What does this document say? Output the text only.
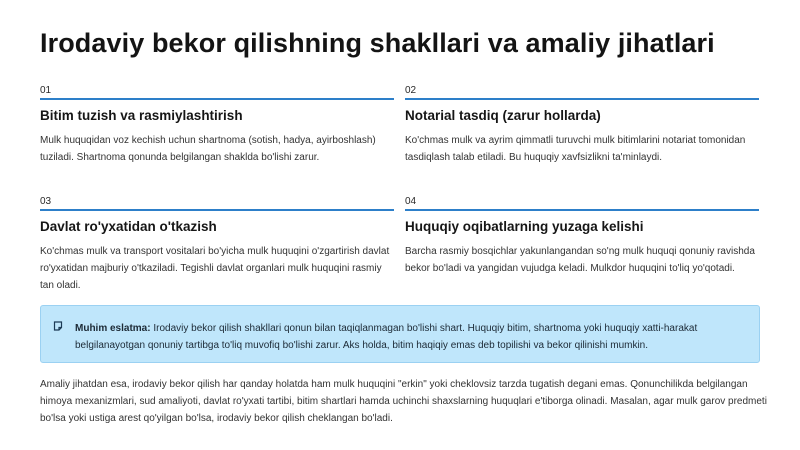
Irodaviy bekor qilishning shakllari va amaliy jihatlari
01
Bitim tuzish va rasmiylashtirish
Mulk huquqidan voz kechish uchun shartnoma (sotish, hadya, ayirboshlash) tuziladi. Shartnoma qonunda belgilangan shaklda bo'lishi zarur.
02
Notarial tasdiq (zarur hollarda)
Ko'chmas mulk va ayrim qimmatli turuvchi mulk bitimlarini notariat tomonidan tasdiqlash talab etiladi. Bu huquqiy xavfsizlikni ta'minlaydi.
03
Davlat ro'yxatidan o'tkazish
Ko'chmas mulk va transport vositalari bo'yicha mulk huquqini o'zgartirish davlat ro'yxatidan majburiy o'tkaziladi. Tegishli davlat organlari mulk huquqini rasmiy tan oladi.
04
Huquqiy oqibatlarning yuzaga kelishi
Barcha rasmiy bosqichlar yakunlangandan so'ng mulk huquqi qonuniy ravishda bekor bo'ladi va yangidan vujudga keladi. Mulkdor huquqini to'liq yo'qotadi.
Muhim eslatma: Irodaviy bekor qilish shakllari qonun bilan taqiqlanmagan bo'lishi shart. Huquqiy bitim, shartnoma yoki huquqiy xatti-harakat belgilanayotgan qonuniy tartibga to'liq muvofiq bo'lishi zarur. Aks holda, bitim haqiqiy emas deb topilishi va bekor qilinishi mumkin.
Amaliy jihatdan esa, irodaviy bekor qilish har qanday holatda ham mulk huquqini "erkin" yoki cheklovsiz tarzda tugatish degani emas. Qonunchilikda belgilangan himoya mexanizmlari, sud amaliyoti, davlat ro'yxati tartibi, bitim shartlari hamda uchinchi shaxslarning huquqlari e'tiborga olinadi. Masalan, agar mulk garov predmeti bo'lsa yoki ustiga arest qo'yilgan bo'lsa, irodaviy bekor qilish cheklangan bo'ladi.
